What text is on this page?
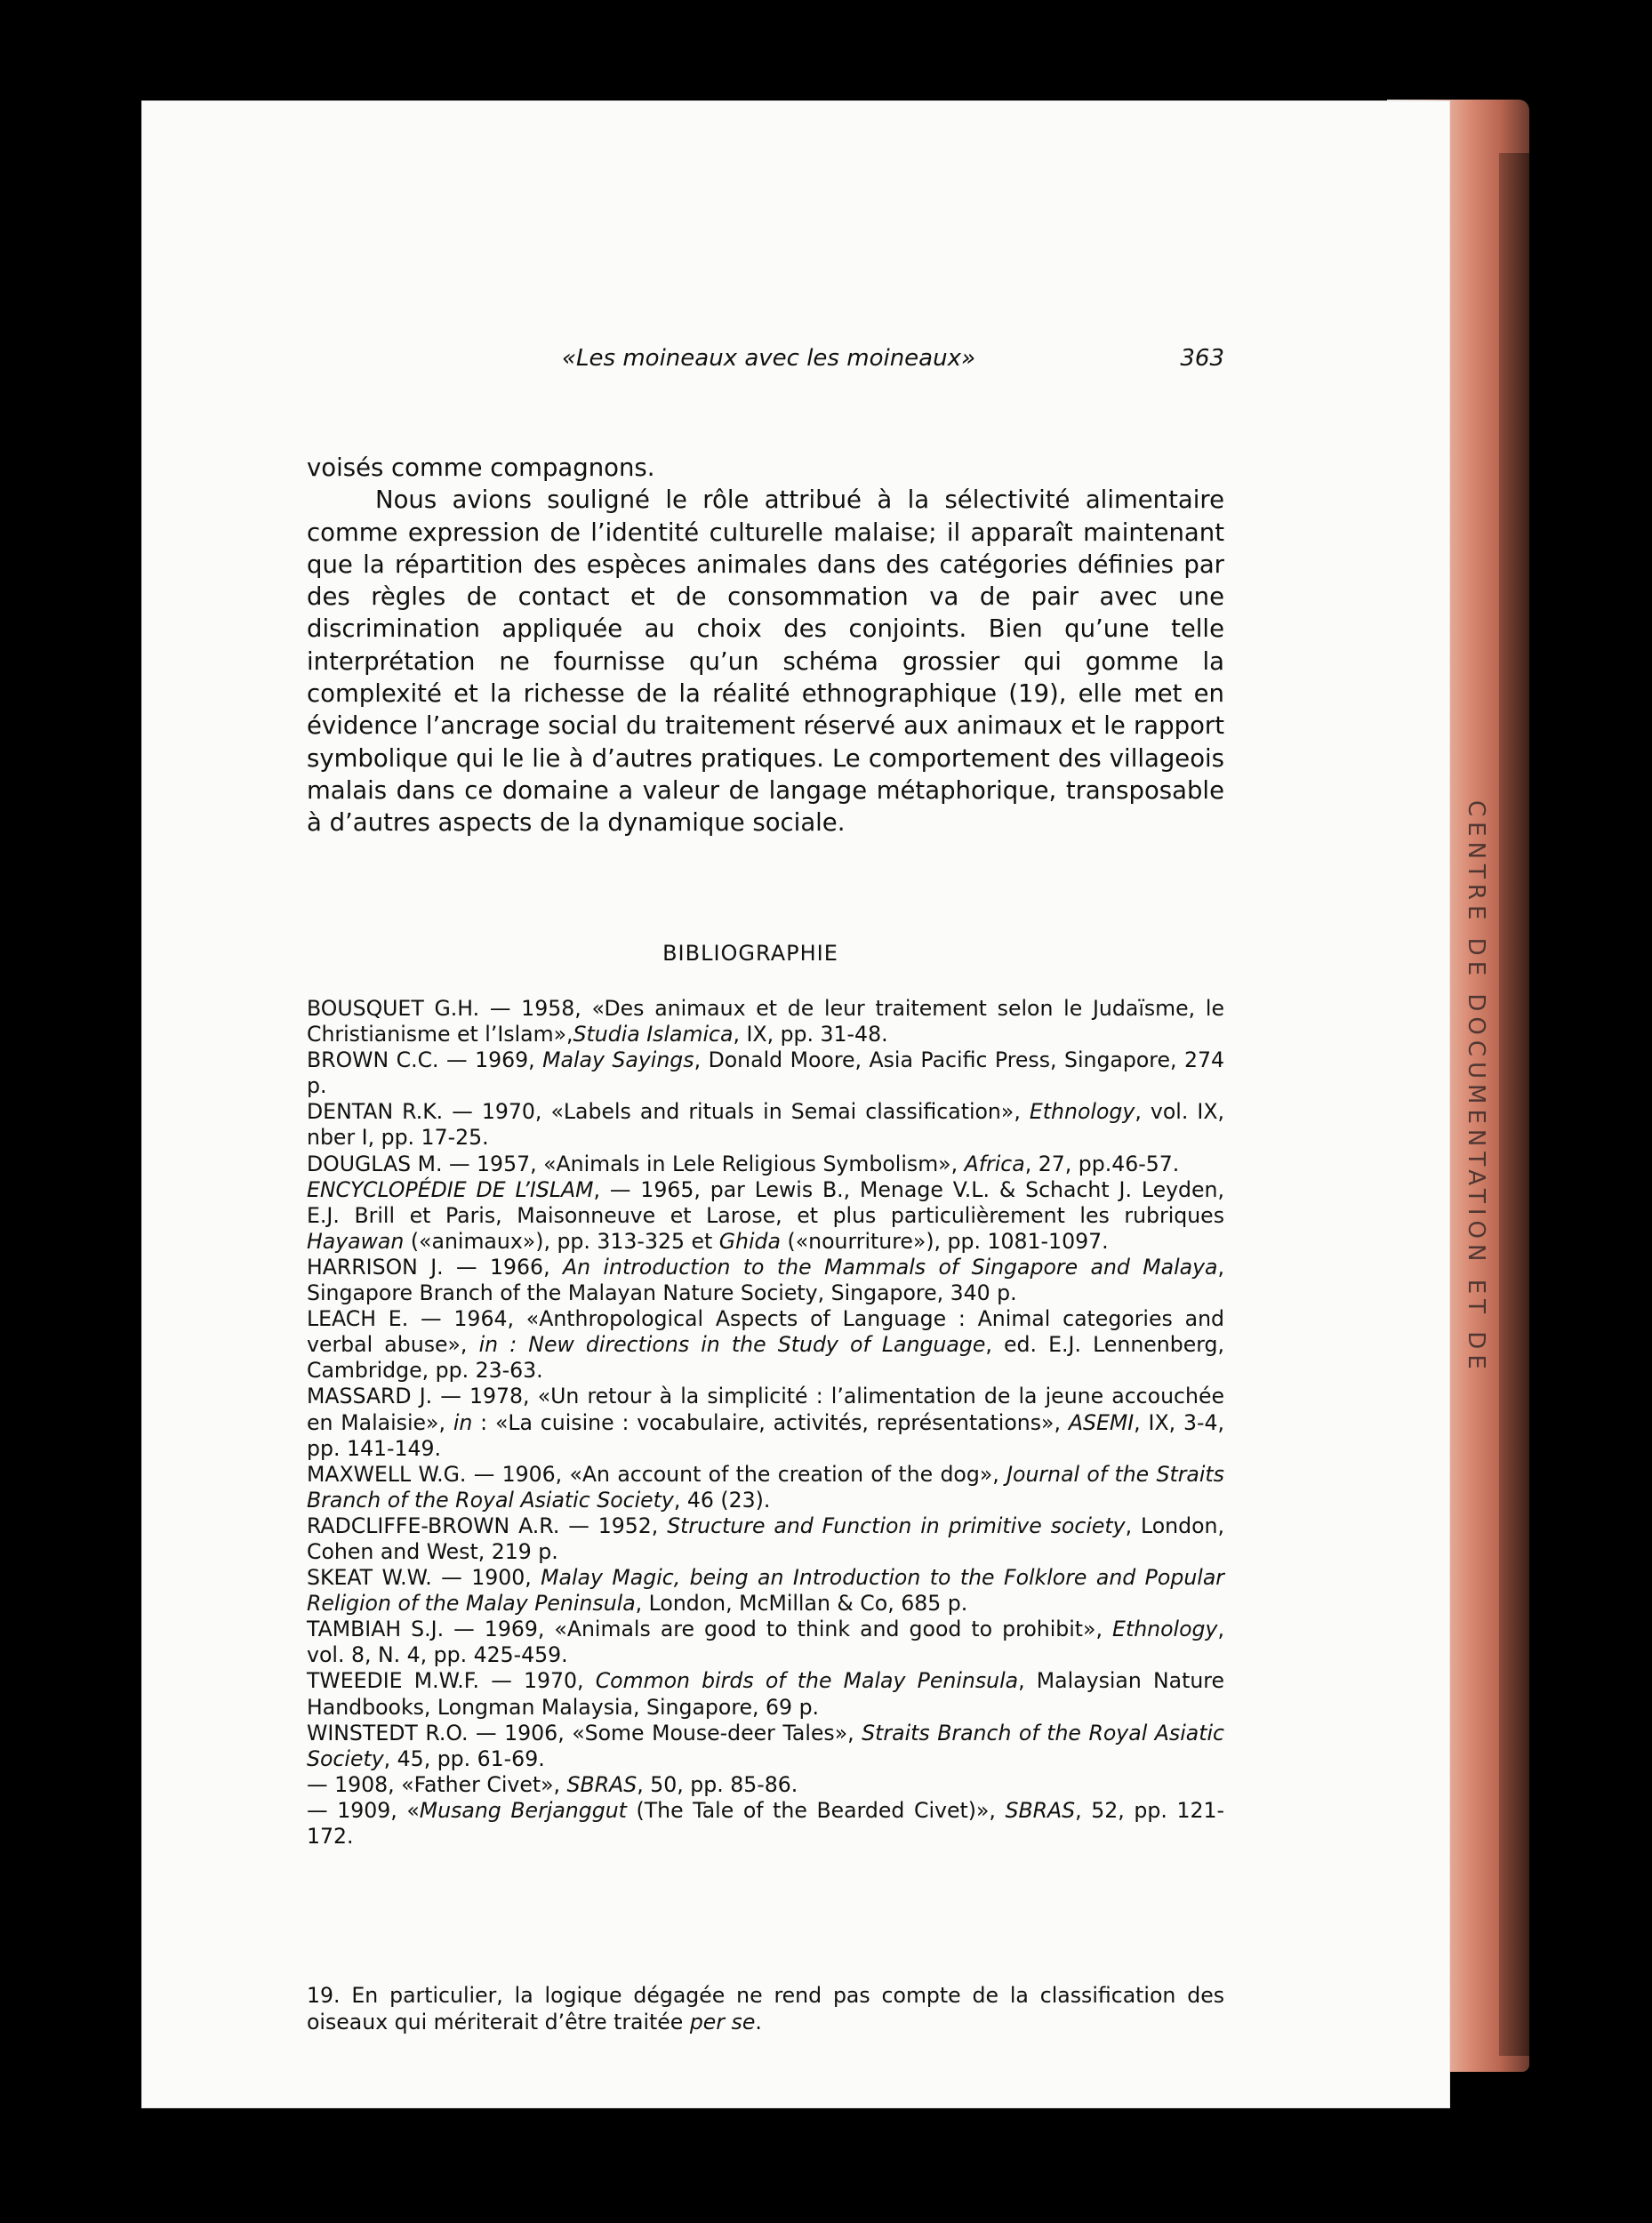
CENTRE DE DOCUMENTATION ET DE
«Les moineaux avec les moineaux»	363

voisés comme compagnons.

Nous avions souligné le rôle attribué à la sélectivité alimentaire comme expression de l’identité culturelle malaise; il apparaît maintenant que la répartition des espèces animales dans des catégories définies par des règles de contact et de consommation va de pair avec une discrimination appliquée au choix des conjoints. Bien qu’une telle interprétation ne fournisse qu’un schéma grossier qui gomme la complexité et la richesse de la réalité ethnographique (19), elle met en évidence l’ancrage social du traitement réservé aux animaux et le rapport symbolique qui le lie à d’autres pratiques. Le comportement des villageois malais dans ce domaine a valeur de langage métaphorique, transposable à d’autres aspects de la dynamique sociale.

BIBLIOGRAPHIE

BOUSQUET G.H. — 1958, «Des animaux et de leur traitement selon le Judaïsme, le Christianisme et l’Islam»,Studia Islamica, IX, pp. 31-48.

BROWN C.C. — 1969, Malay Sayings, Donald Moore, Asia Pacific Press, Singapore, 274 p.

DENTAN R.K. — 1970, «Labels and rituals in Semai classification», Ethnology, vol. IX, nber I, pp. 17-25.

DOUGLAS M. — 1957, «Animals in Lele Religious Symbolism», Africa, 27, pp.46-57.

ENCYCLOPÉDIE DE L’ISLAM, — 1965, par Lewis B., Menage V.L. & Schacht J. Leyden, E.J. Brill et Paris, Maisonneuve et Larose, et plus particulièrement les rubriques Hayawan («animaux»), pp. 313-325 et Ghida («nourriture»), pp. 1081-1097.

HARRISON J. — 1966, An introduction to the Mammals of Singapore and Malaya, Singapore Branch of the Malayan Nature Society, Singapore, 340 p.

LEACH E. — 1964, «Anthropological Aspects of Language : Animal categories and verbal abuse», in : New directions in the Study of Language, ed. E.J. Lennenberg, Cambridge, pp. 23-63.

MASSARD J. — 1978, «Un retour à la simplicité : l’alimentation de la jeune accouchée en Malaisie», in : «La cuisine : vocabulaire, activités, représentations», ASEMI, IX, 3-4, pp. 141-149.

MAXWELL W.G. — 1906, «An account of the creation of the dog», Journal of the Straits Branch of the Royal Asiatic Society, 46 (23).

RADCLIFFE-BROWN A.R. — 1952, Structure and Function in primitive society, London, Cohen and West, 219 p.

SKEAT W.W. — 1900, Malay Magic, being an Introduction to the Folklore and Popular Religion of the Malay Peninsula, London, McMillan & Co, 685 p.

TAMBIAH S.J. — 1969, «Animals are good to think and good to prohibit», Ethnology, vol. 8, N. 4, pp. 425-459.

TWEEDIE M.W.F. — 1970, Common birds of the Malay Peninsula, Malaysian Nature Handbooks, Longman Malaysia, Singapore, 69 p.

WINSTEDT R.O. — 1906, «Some Mouse-deer Tales», Straits Branch of the Royal Asiatic Society, 45, pp. 61-69.

— 1908, «Father Civet», SBRAS, 50, pp. 85-86.

— 1909, «Musang Berjanggut (The Tale of the Bearded Civet)», SBRAS, 52, pp. 121-172.

19. En particulier, la logique dégagée ne rend pas compte de la classification des oiseaux qui mériterait d’être traitée per se.
